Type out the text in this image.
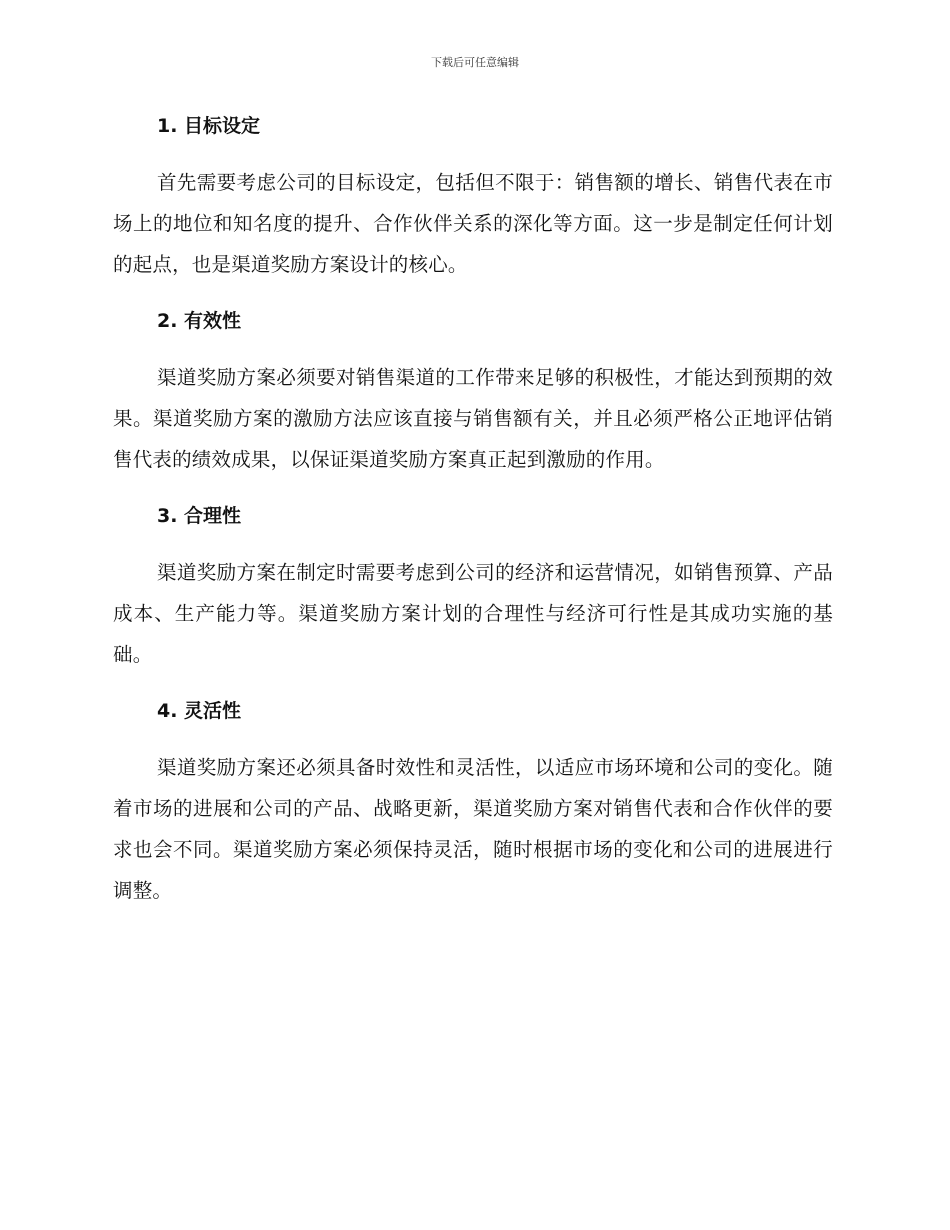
下载后可任意编辑
1. 目标设定

首先需要考虑公司的目标设定，包括但不限于：销售额的增长、销售代表在市场上的地位和知名度的提升、合作伙伴关系的深化等方面。这一步是制定任何计划的起点，也是渠道奖励方案设计的核心。

2. 有效性

渠道奖励方案必须要对销售渠道的工作带来足够的积极性，才能达到预期的效果。渠道奖励方案的激励方法应该直接与销售额有关，并且必须严格公正地评估销售代表的绩效成果，以保证渠道奖励方案真正起到激励的作用。

3. 合理性

渠道奖励方案在制定时需要考虑到公司的经济和运营情况，如销售预算、产品成本、生产能力等。渠道奖励方案计划的合理性与经济可行性是其成功实施的基础。

4. 灵活性

渠道奖励方案还必须具备时效性和灵活性，以适应市场环境和公司的变化。随着市场的进展和公司的产品、战略更新，渠道奖励方案对销售代表和合作伙伴的要求也会不同。渠道奖励方案必须保持灵活，随时根据市场的变化和公司的进展进行调整。
